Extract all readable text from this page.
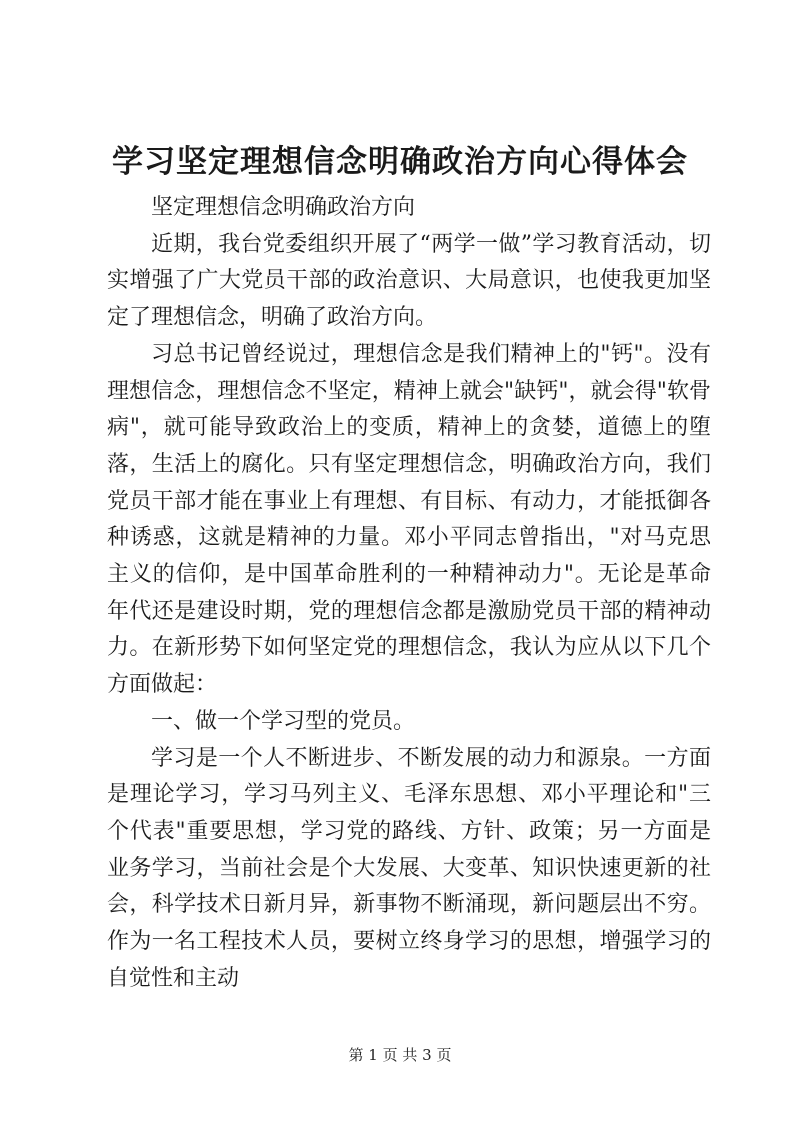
学习坚定理想信念明确政治方向心得体会

坚定理想信念明确政治方向

近期，我台党委组织开展了“两学一做”学习教育活动，切实增强了广大党员干部的政治意识、大局意识，也使我更加坚定了理想信念，明确了政治方向。

习总书记曾经说过，理想信念是我们精神上的"钙"。没有理想信念，理想信念不坚定，精神上就会"缺钙"，就会得"软骨病"，就可能导致政治上的变质，精神上的贪婪，道德上的堕落，生活上的腐化。只有坚定理想信念，明确政治方向，我们党员干部才能在事业上有理想、有目标、有动力，才能抵御各种诱惑，这就是精神的力量。邓小平同志曾指出，"对马克思主义的信仰，是中国革命胜利的一种精神动力"。无论是革命年代还是建设时期，党的理想信念都是激励党员干部的精神动力。在新形势下如何坚定党的理想信念，我认为应从以下几个方面做起：

一、做一个学习型的党员。

学习是一个人不断进步、不断发展的动力和源泉。一方面是理论学习，学习马列主义、毛泽东思想、邓小平理论和"三个代表"重要思想，学习党的路线、方针、政策；另一方面是业务学习，当前社会是个大发展、大变革、知识快速更新的社会，科学技术日新月异，新事物不断涌现，新问题层出不穷。作为一名工程技术人员，要树立终身学习的思想，增强学习的自觉性和主动

第 1 页 共 3 页
